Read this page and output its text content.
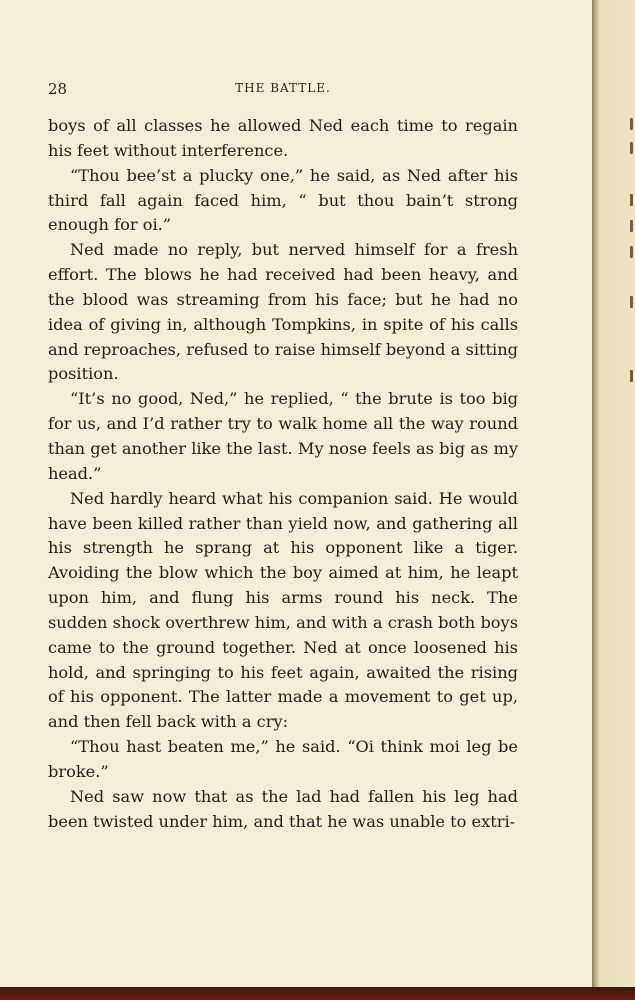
28	THE BATTLE.

boys of all classes he allowed Ned each time to regain his feet without interference.

“Thou bee’st a plucky one,” he said, as Ned after his third fall again faced him, “ but thou bain’t strong enough for oi.”

Ned made no reply, but nerved himself for a fresh effort. The blows he had received had been heavy, and the blood was streaming from his face; but he had no idea of giving in, although Tompkins, in spite of his calls and reproaches, refused to raise himself beyond a sitting position.

“It’s no good, Ned,” he replied, “ the brute is too big for us, and I’d rather try to walk home all the way round than get another like the last. My nose feels as big as my head.”

Ned hardly heard what his companion said. He would have been killed rather than yield now, and gathering all his strength he sprang at his opponent like a tiger. Avoiding the blow which the boy aimed at him, he leapt upon him, and flung his arms round his neck. The sudden shock overthrew him, and with a crash both boys came to the ground together. Ned at once loosened his hold, and springing to his feet again, awaited the rising of his opponent. The latter made a movement to get up, and then fell back with a cry:

“Thou hast beaten me,” he said. “Oi think moi leg be broke.”

Ned saw now that as the lad had fallen his leg had been twisted under him, and that he was unable to extri-
